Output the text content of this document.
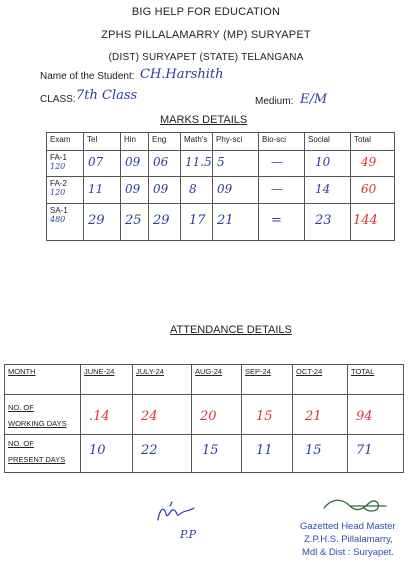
BIG HELP FOR EDUCATION
ZPHS PILLALAMARRY (MP) SURYAPET
(DIST) SURYAPET (STATE) TELANGANA
Name of the Student: CH.Harshith
CLASS: 7th Class	Medium: E/M
MARKS DETAILS
Exam	Tel	Hin	Eng	Math's	Phy-sci	Bio-sci	Social	Total

FA-1
120	07	09	06	11.5	5	—	10	49

FA-2
120	11	09	09	8	09	—	14	60

SA-1
480	29	25	29	17	21	=	23	144
ATTENDANCE DETAILS
MONTH	JUNE-24	JULY-24	AUG-24	SEP-24	OCT-24	TOTAL

NO. OF
WORKING DAYS	.14	24	20	15	21	94

NO. OF
PRESENT DAYS	10	22	15	11	15	71
P.P
Gazetted Head Master
Z.P.H.S. Pillalamarry,
Mdl & Dist : Suryapet.
